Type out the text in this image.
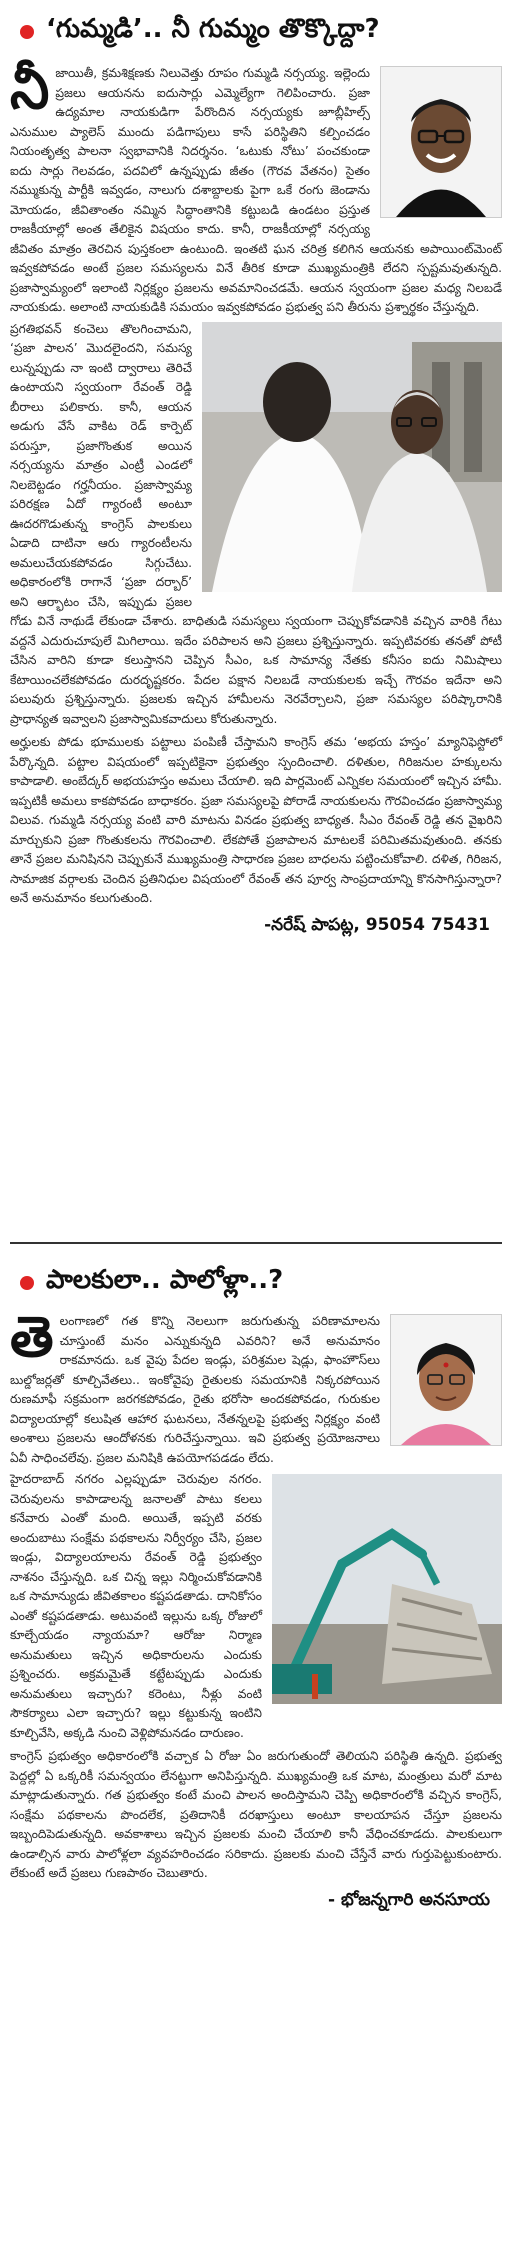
‘గుమ్మడి’.. నీ గుమ్మం తొక్కొద్దా?
నీ జాయితీ, క్రమశిక్షణకు నిలువెత్తు రూపం గుమ్మడి నర్సయ్య. ఇల్లెందు ప్రజలు ఆయనను ఐదుసార్లు ఎమ్మెల్యేగా గెలిపించారు. ప్రజా ఉద్యమాల నాయకుడిగా పేరొందిన నర్సయ్యకు జూబ్లీహిల్స్ ఎనుముల ప్యాలెస్ ముందు పడిగాపులు కాసే పరిస్థితిని కల్పించడం నియంతృత్వ పాలనా స్వభావానికి నిదర్శనం. ‘ఒటుకు నోటు’ పంచకుండా ఐదు సార్లు గెలవడం, పదవిలో ఉన్నప్పుడు జీతం (గౌరవ వేతనం) సైతం నమ్ముకున్న పార్టీకి ఇవ్వడం, నాలుగు దశాబ్దాలకు పైగా ఒకే రంగు జెండాను మోయడం, జీవితాంతం నమ్మిన సిద్ధాంతానికి కట్టుబడి ఉండటం ప్రస్తుత రాజకీయాల్లో అంత తేలికైన విషయం కాదు. కానీ, రాజకీయాల్లో నర్సయ్య జీవితం మాత్రం తెరచిన పుస్తకంలా ఉంటుంది. ఇంతటి ఘన చరిత్ర కలిగిన ఆయనకు అపాయింట్‌మెంట్ ఇవ్వకపోవడం అంటే ప్రజల సమస్యలను వినే తీరిక కూడా ముఖ్యమంత్రికి లేదని స్పష్టమవుతున్నది. ప్రజాస్వామ్యంలో ఇలాంటి నిర్లక్ష్యం ప్రజలను అవమానించడమే. ఆయన స్వయంగా ప్రజల మధ్య నిలబడే నాయకుడు. అలాంటి నాయకుడికి సమయం ఇవ్వకపోవడం ప్రభుత్వ పని తీరును ప్రశ్నార్థకం చేస్తున్నది.

ప్రగతిభవన్ కంచెలు తొలగించామని, ‘ప్రజా పాలన’ మొదలైందని, సమస్య లున్నప్పుడు నా ఇంటి ద్వారాలు తెరిచే ఉంటాయని స్వయంగా రేవంత్ రెడ్డి బీరాలు పలికారు. కానీ, ఆయన అడుగు వేసే వాకిట రెడ్ కార్పెట్ పరుస్తూ, ప్రజాగొంతుక అయిన నర్సయ్యను మాత్రం ఎంట్రీ ఎండలో నిలబెట్టడం గర్హనీయం. ప్రజాస్వామ్య పరిరక్షణ ఏదో గ్యారంటీ అంటూ ఊదరగొడుతున్న కాంగ్రెస్ పాలకులు ఏడాది దాటినా ఆరు గ్యారంటీలను అమలుచేయకపోవడం సిగ్గుచేటు. అధికారంలోకి రాగానే ‘ప్రజా దర్బార్’ అని ఆర్భాటం చేసి, ఇప్పుడు ప్రజల గోడు వినే నాథుడే లేకుండా చేశారు. బాధితుడి సమస్యలు స్వయంగా చెప్పుకోవడానికి వచ్చిన వారికి గేటు వద్దనే ఎదురుచూపులే మిగిలాయి. ఇదేం పరిపాలన అని ప్రజలు ప్రశ్నిస్తున్నారు. ఇప్పటివరకు తనతో పోటీ చేసిన వారిని కూడా కలుస్తానని చెప్పిన సీఎం, ఒక సామాన్య నేతకు కనీసం ఐదు నిమిషాలు కేటాయించలేకపోవడం దురదృష్టకరం. పేదల పక్షాన నిలబడే నాయకులకు ఇచ్చే గౌరవం ఇదేనా అని పలువురు ప్రశ్నిస్తున్నారు. ప్రజలకు ఇచ్చిన హామీలను నెరవేర్చాలని, ప్రజా సమస్యల పరిష్కారానికి ప్రాధాన్యత ఇవ్వాలని ప్రజాస్వామికవాదులు కోరుతున్నారు.

అర్హులకు పోడు భూములకు పట్టాలు పంపిణీ చేస్తామని కాంగ్రెస్ తమ ‘అభయ హస్తం’ మ్యానిఫెస్టోలో పేర్కొన్నది. పట్టాల విషయంలో ఇప్పటికైనా ప్రభుత్వం స్పందించాలి. దళితుల, గిరిజనుల హక్కులను కాపాడాలి. అంబేద్కర్ అభయహస్తం అమలు చేయాలి. ఇది పార్లమెంట్ ఎన్నికల సమయంలో ఇచ్చిన హామీ. ఇప్పటికీ అమలు కాకపోవడం బాధాకరం. ప్రజా సమస్యలపై పోరాడే నాయకులను గౌరవించడం ప్రజాస్వామ్య విలువ. గుమ్మడి నర్సయ్య వంటి వారి మాటను వినడం ప్రభుత్వ బాధ్యత. సీఎం రేవంత్ రెడ్డి తన వైఖరిని మార్చుకుని ప్రజా గొంతుకలను గౌరవించాలి. లేకపోతే ప్రజాపాలన మాటలకే పరిమితమవుతుంది. తనకు తానే ప్రజల మనిషినని చెప్పుకునే ముఖ్యమంత్రి సాధారణ ప్రజల బాధలను పట్టించుకోవాలి. దళిత, గిరిజన, సామాజిక వర్గాలకు చెందిన ప్రతినిధుల విషయంలో రేవంత్ తన పూర్వ సాంప్రదాయాన్ని కొనసాగిస్తున్నారా? అనే అనుమానం కలుగుతుంది.

-నరేష్ పాపట్ల, 95054 75431
పాలకులా.. పాలోళ్లా..?
తె లంగాణలో గత కొన్ని నెలలుగా జరుగుతున్న పరిణామాలను చూస్తుంటే మనం ఎన్నుకున్నది ఎవరిని? అనే అనుమానం రాకమానదు. ఒక వైపు పేదల ఇండ్లు, పరిశ్రమల షెడ్లు, ఫాంహౌస్‌లు బుల్డోజర్లతో కూల్చివేతలు.. ఇంకోవైపు రైతులకు సమయానికి నిక్కరపోయిన రుణమాఫీ సక్రమంగా జరగకపోవడం, రైతు భరోసా అందకపోవడం, గురుకుల విద్యాలయాల్లో కలుషిత ఆహార ఘటనలు, నేతన్నలపై ప్రభుత్వ నిర్లక్ష్యం వంటి అంశాలు ప్రజలను ఆందోళనకు గురిచేస్తున్నాయి. ఇవి ప్రభుత్వ ప్రయోజనాలు ఏవీ సాధించలేవు. ప్రజల మనిషికి ఉపయోగపడడం లేదు.

హైదరాబాద్ నగరం ఎల్లప్పుడూ చెరువుల నగరం. చెరువులను కాపాడాలన్న జనాలతో పాటు కలలు కనేవారు ఎంతో మంది. అయితే, ఇప్పటి వరకు అందుబాటు సంక్షేమ పథకాలను నిర్వీర్యం చేసి, ప్రజల ఇండ్లు, విద్యాలయాలను రేవంత్ రెడ్డి ప్రభుత్వం నాశనం చేస్తున్నది. ఒక చిన్న ఇల్లు నిర్మించుకోవడానికి ఒక సామాన్యుడు జీవితకాలం కష్టపడతాడు. దానికోసం ఎంతో కష్టపడతాడు. అటువంటి ఇల్లును ఒక్క రోజులో కూల్చేయడం న్యాయమా? ఆరోజు నిర్మాణ అనుమతులు ఇచ్చిన అధికారులను ఎందుకు ప్రశ్నించరు. అక్రమమైతే కట్టేటప్పుడు ఎందుకు అనుమతులు ఇచ్చారు? కరెంటు, నీళ్లు వంటి సౌకర్యాలు ఎలా ఇచ్చారు? ఇల్లు కట్టుకున్న ఇంటిని కూల్చివేసి, అక్కడి నుంచి వెళ్లిపోమనడం దారుణం.

కాంగ్రెస్ ప్రభుత్వం అధికారంలోకి వచ్చాక ఏ రోజు ఏం జరుగుతుందో తెలియని పరిస్థితి ఉన్నది. ప్రభుత్వ పెద్దల్లో ఏ ఒక్కరికీ సమన్వయం లేనట్టుగా అనిపిస్తున్నది. ముఖ్యమంత్రి ఒక మాట, మంత్రులు మరో మాట మాట్లాడుతున్నారు. గత ప్రభుత్వం కంటే మంచి పాలన అందిస్తామని చెప్పి అధికారంలోకి వచ్చిన కాంగ్రెస్, సంక్షేమ పథకాలను పొందలేక, ప్రతిదానికీ దరఖాస్తులు అంటూ కాలయాపన చేస్తూ ప్రజలను ఇబ్బందిపెడుతున్నది. అవకాశాలు ఇచ్చిన ప్రజలకు మంచి చేయాలి కానీ వేధించకూడదు. పాలకులుగా ఉండాల్సిన వారు పాలోళ్లలా వ్యవహరించడం సరికాదు. ప్రజలకు మంచి చేస్తేనే వారు గుర్తుపెట్టుకుంటారు. లేకుంటే అదే ప్రజలు గుణపాఠం చెబుతారు.

- భోజన్నగారి అనసూయ
